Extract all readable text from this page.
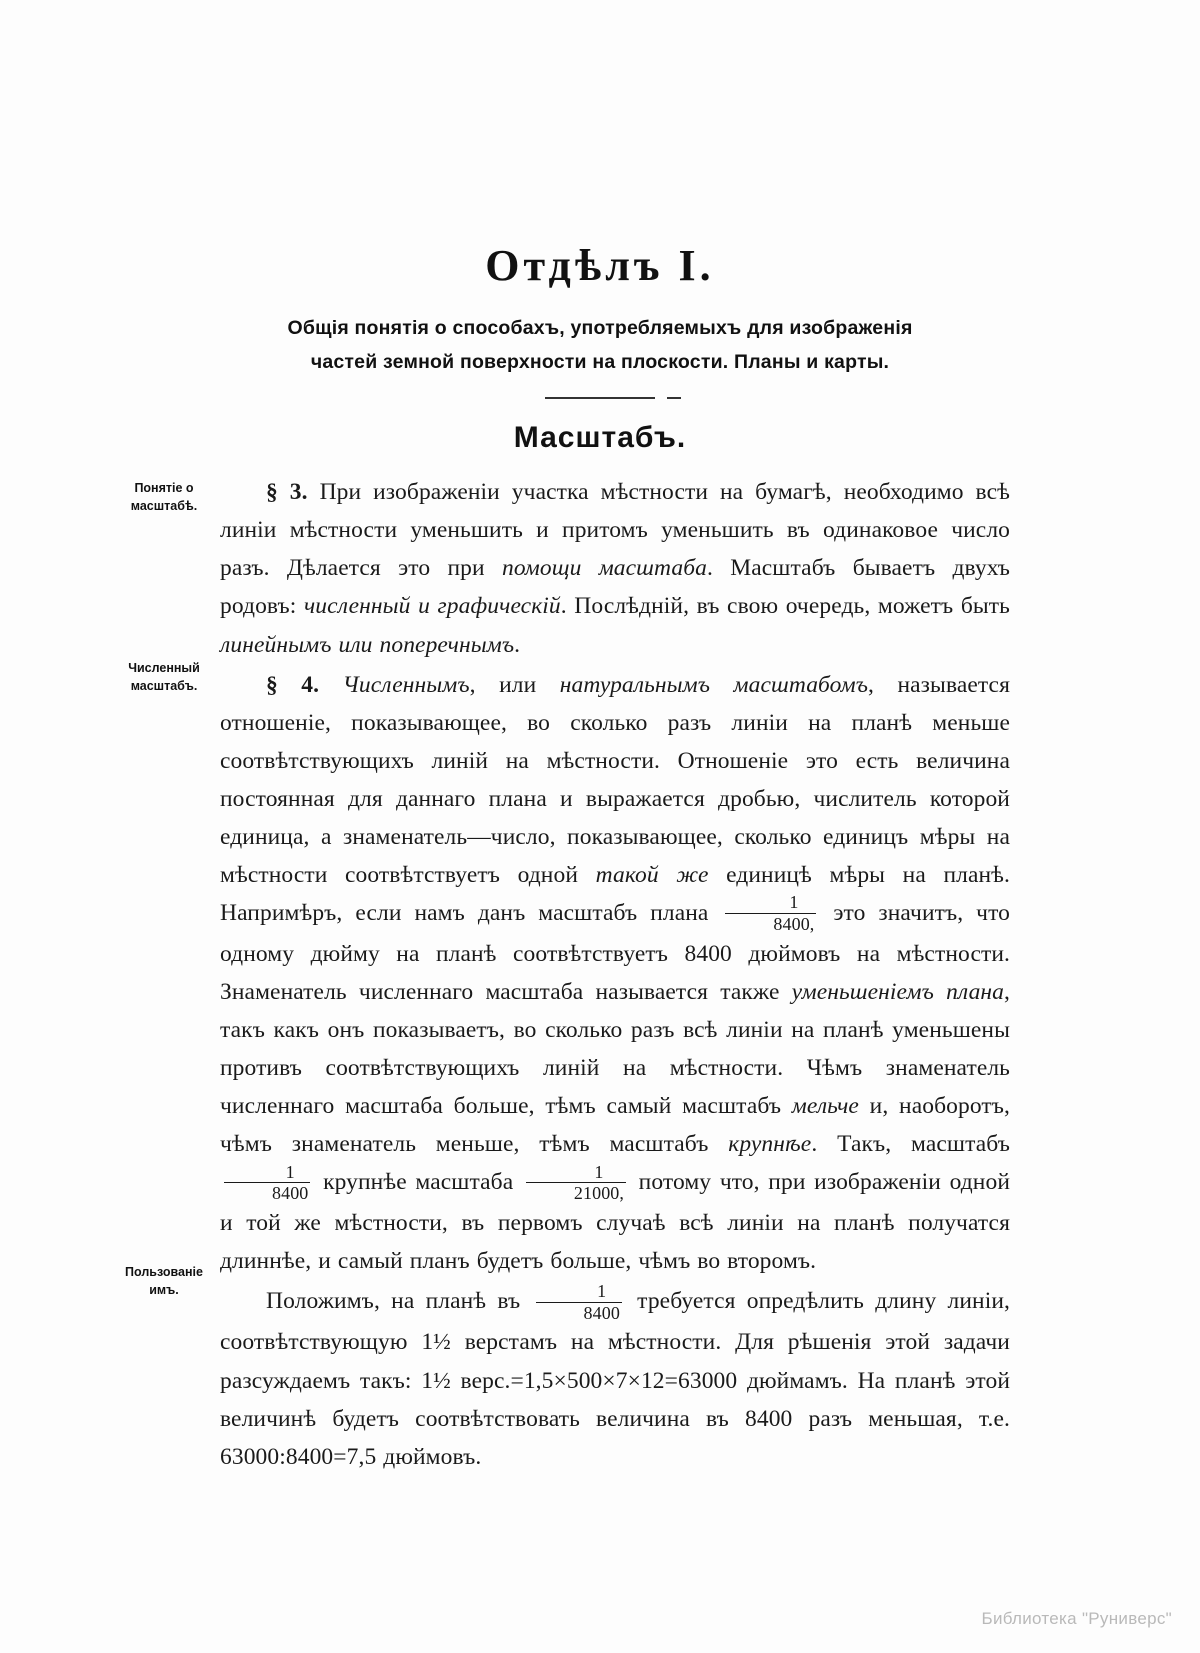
Отдѣлъ I.
Общія понятія о способахъ, употребляемыхъ для изображенія
частей земной поверхности на плоскости. Планы и карты.
Масштабъ.
Понятіе о
масштабѣ.

§ 3. При изображеніи участка мѣстности на бумагѣ, необходимо всѣ линіи мѣстности уменьшить и притомъ уменьшить въ одинаковое число разъ. Дѣлается это при помощи масштаба. Масштабъ бываетъ двухъ родовъ: численный и графическій. Послѣдній, въ свою очередь, можетъ быть линейнымъ или поперечнымъ.

Численный
масштабъ.	§ 4. Численнымъ, или натуральнымъ масштабомъ, называется отношеніе, показывающее, во сколько разъ линіи на планѣ меньше соотвѣтствующихъ линій на мѣстности. Отношеніе это есть величина постоянная для даннаго плана и выражается дробью, числитель которой единица, а знаменатель—число, показывающее, сколько единицъ мѣры на мѣстности соотвѣтствуетъ одной такой же единицѣ мѣры на планѣ. Напримѣръ, если намъ данъ масштабъ плана $\frac{1}{8400,}$ это значитъ, что одному дюйму на планѣ соотвѣтствуетъ 8400 дюймовъ на мѣстности. Знаменатель численнаго масштаба называется также уменьшеніемъ плана, такъ какъ онъ показываетъ, во сколько разъ всѣ линіи на планѣ уменьшены противъ соотвѣтствующихъ линій на мѣстности. Чѣмъ знаменатель численнаго масштаба больше, тѣмъ самый масштабъ мельче и, наоборотъ, чѣмъ знаменатель меньше, тѣмъ масштабъ крупнѣе. Такъ, масштабъ
$\frac{1}{8400}$ крупнѣе масштаба $\frac{1}{21000,}$ потому что, при изображеніи одной и той же мѣстности, въ первомъ случаѣ всѣ линіи на планѣ получатся длиннѣе, и самый планъ будетъ больше, чѣмъ во второмъ.

Пользованіе
имъ.	Положимъ, на планѣ въ $\frac{1}{8400}$ требуется опредѣлить длину линіи, соотвѣтствующую 1½ верстамъ на мѣстности. Для рѣшенія этой задачи разсуждаемъ такъ: 1½ верс.=1,5×500×7×12=63000 дюймамъ. На планѣ этой величинѣ будетъ соотвѣтствовать величина въ 8400 разъ меньшая, т.е. 63000:8400=7,5 дюймовъ.

Библиотека "Руниверс"
